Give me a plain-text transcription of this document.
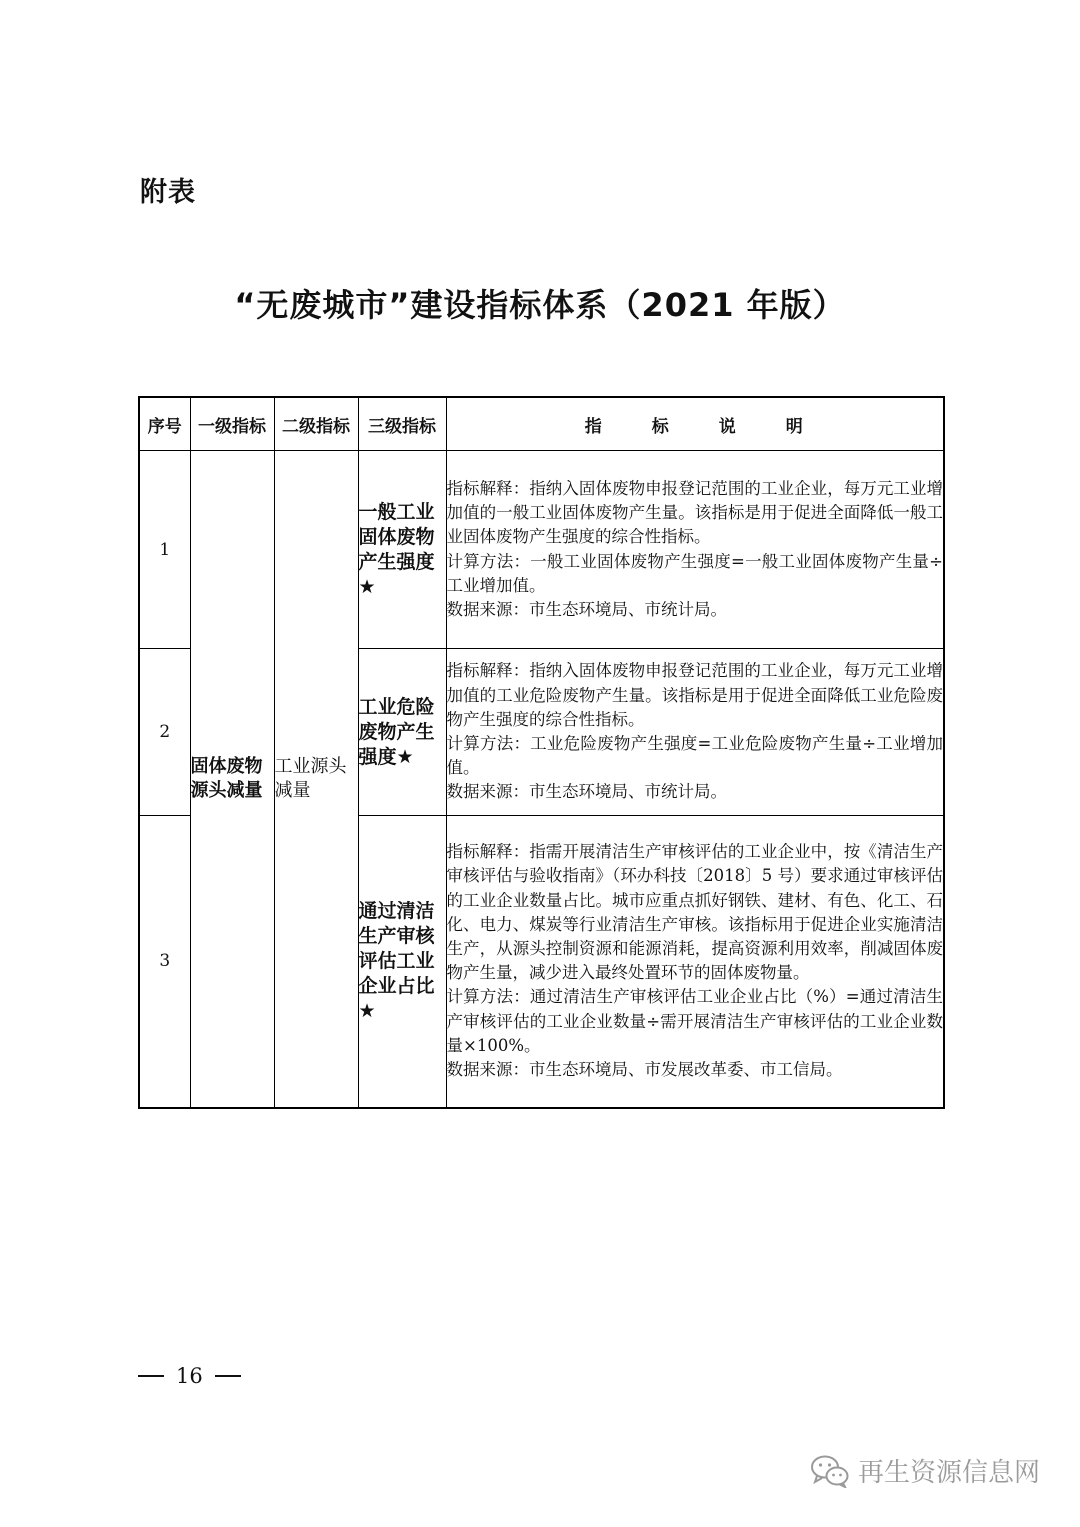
附表
“无废城市”建设指标体系（2021 年版）
序号	一级指标	二级指标	三级指标	指 标 说 明

1	固体废物源头减量	工业源头减量	一般工业固体废物产生强度★	指标解释：指纳入固体废物申报登记范围的工业企业，每万元工业增加值的一般工业固体废物产生量。该指标是用于促进全面降低一般工业固体废物产生强度的综合性指标。

计算方法：一般工业固体废物产生强度=一般工业固体废物产生量÷工业增加值。

数据来源：市生态环境局、市统计局。

2			工业危险废物产生强度★	指标解释：指纳入固体废物申报登记范围的工业企业，每万元工业增加值的工业危险废物产生量。该指标是用于促进全面降低工业危险废物产生强度的综合性指标。

计算方法：工业危险废物产生强度=工业危险废物产生量÷工业增加值。

数据来源：市生态环境局、市统计局。

3			通过清洁生产审核评估工业企业占比★	指标解释：指需开展清洁生产审核评估的工业企业中，按《清洁生产审核评估与验收指南》（环办科技〔2018〕5 号）要求通过审核评估的工业企业数量占比。城市应重点抓好钢铁、建材、有色、化工、石化、电力、煤炭等行业清洁生产审核。该指标用于促进企业实施清洁生产，从源头控制资源和能源消耗，提高资源利用效率，削减固体废物产生量，减少进入最终处置环节的固体废物量。

计算方法：通过清洁生产审核评估工业企业占比（%）=通过清洁生产审核评估的工业企业数量÷需开展清洁生产审核评估的工业企业数量×100%。

数据来源：市生态环境局、市发展改革委、市工信局。

16
再生资源信息网
